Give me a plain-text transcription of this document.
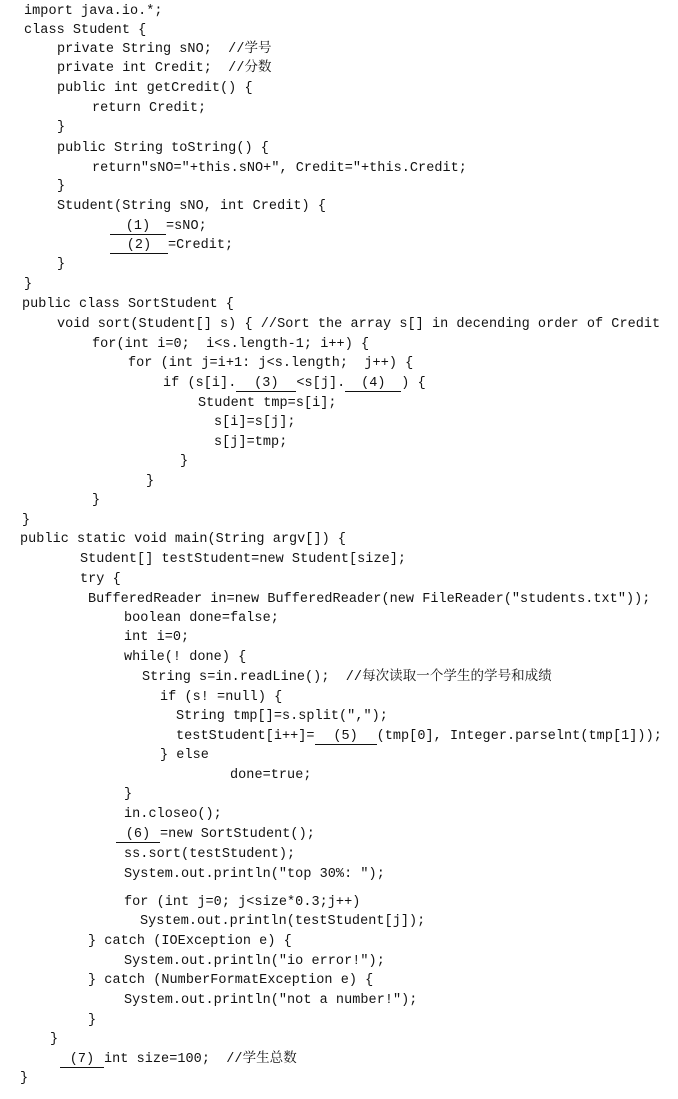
import java.io.*;
class Student {
private String sNO;  //学号
private int Credit;  //分数
public int getCredit() {
return Credit;
}
public String toString() {
return"sNO="+this.sNO+", Credit="+this.Credit;
}
Student(String sNO, int Credit) {
(1) =sNO;
(2) =Credit;
}
}
public class SortStudent {
void sort(Student[] s) { //Sort the array s[] in decending order of Credit
for(int i=0;  i<s.length-1; i++) {
for (int j=i+1: j<s.length;  j++) {
if (s[i]. (3) <s[j]. (4) ) {
Student tmp=s[i];
s[i]=s[j];
s[j]=tmp;
}
}
}
}
public static void main(String argv[]) {
Student[] testStudent=new Student[size];
try {
BufferedReader in=new BufferedReader(new FileReader("students.txt"));
boolean done=false;
int i=0;
while(! done) {
String s=in.readLine();  //每次读取一个学生的学号和成绩
if (s! =null) {
String tmp[]=s.split(",");
testStudent[i++]= (5) (tmp[0], Integer.parselnt(tmp[1]));
} else
done=true;
}
in.closeo();
(6) =new SortStudent();
ss.sort(testStudent);
System.out.println("top 30%: ");
for (int j=0; j<size*0.3;j++)
System.out.println(testStudent[j]);
} catch (IOException e) {
System.out.println("io error!");
} catch (NumberFormatException e) {
System.out.println("not a number!");
}
}
(7) int size=100;  //学生总数
}
